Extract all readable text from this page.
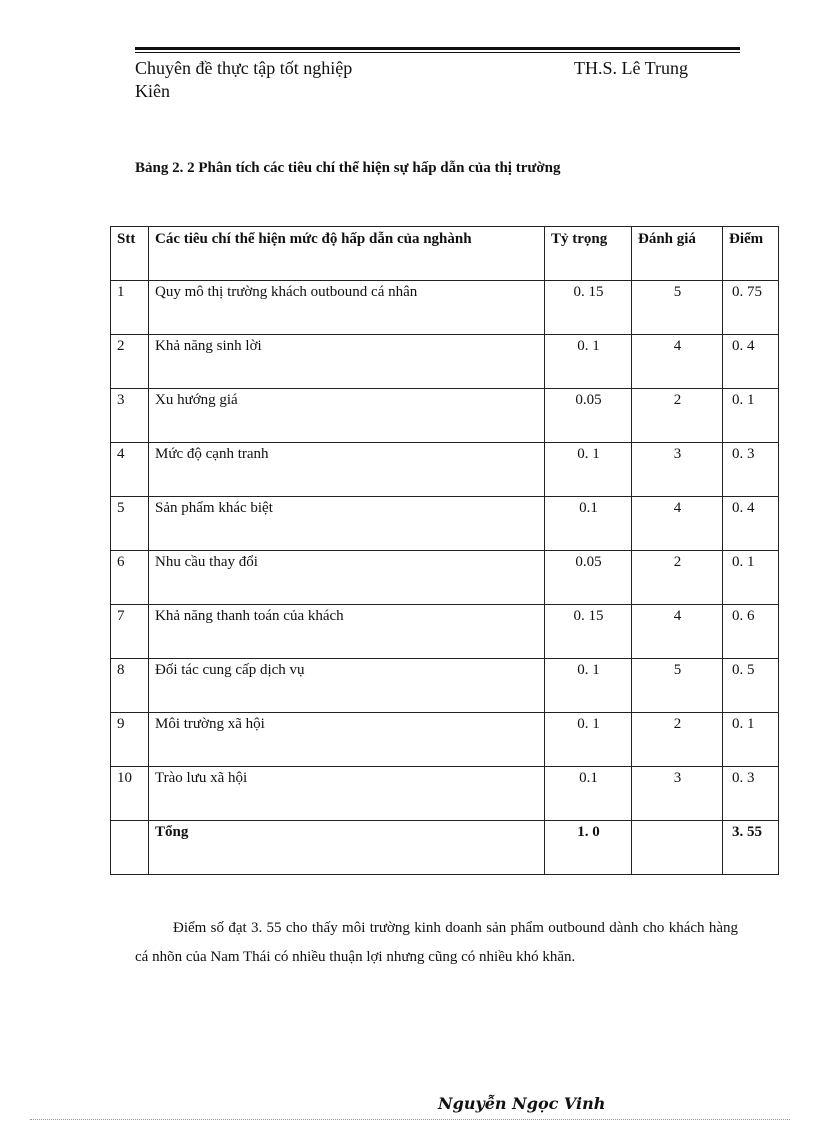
Chuyên đề thực tập tốt nghiệp
Kiên
TH.S. Lê Trung
Bảng 2. 2 Phân tích các tiêu chí thể hiện sự hấp dẫn của thị trường
Stt	Các tiêu chí thể hiện mức độ hấp dẫn của nghành	Tỷ trọng	Đánh giá	Điểm
1	Quy mô thị trường khách outbound cá nhân	0. 15	5	0. 75
2	Khả năng sinh lời	0. 1	4	0. 4
3	Xu hướng giá	0.05	2	0. 1
4	Mức độ cạnh tranh	0. 1	3	0. 3
5	Sản phẩm khác biệt	0.1	4	0. 4
6	Nhu cầu thay đổi	0.05	2	0. 1
7	Khả năng thanh toán của khách	0. 15	4	0. 6
8	Đối tác cung cấp dịch vụ	0. 1	5	0. 5
9	Môi trường xã hội	0. 1	2	0. 1
10	Trào lưu xã hội	0.1	3	0. 3
	Tổng	1. 0		3. 55

Điểm số đạt 3. 55 cho thấy môi trường kinh doanh sản phẩm outbound dành cho khách hàng cá nhõn của Nam Thái có nhiều thuận lợi nhưng cũng có nhiều khó khăn.

Nguyễn Ngọc Vinh
